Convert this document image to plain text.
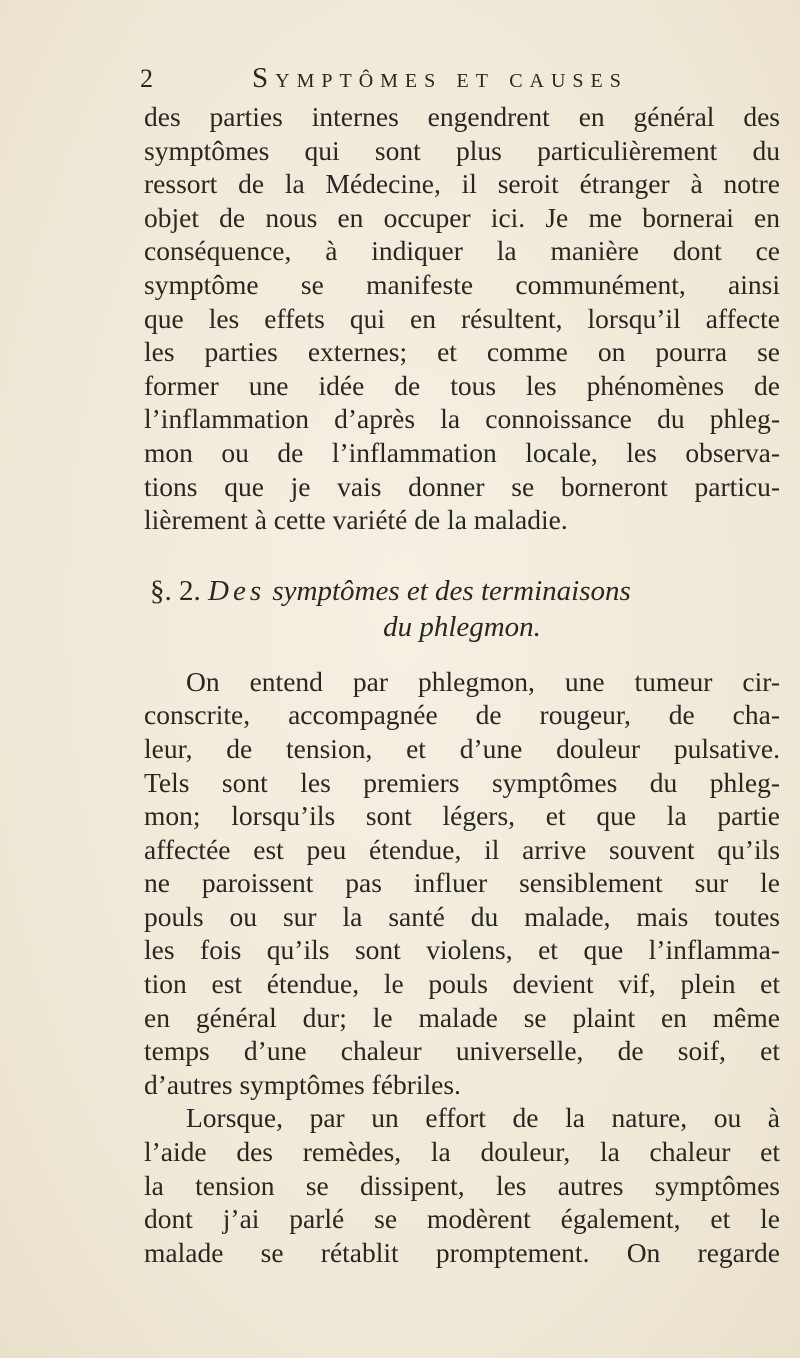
2	Symptômes et causes
des parties internes engendrent en général des
symptômes qui sont plus particulièrement du
ressort de la Médecine, il seroit étranger à notre
objet de nous en occuper ici. Je me bornerai en
conséquence, à indiquer la manière dont ce
symptôme se manifeste communément, ainsi
que les effets qui en résultent, lorsqu’il affecte
les parties externes; et comme on pourra se
former une idée de tous les phénomènes de
l’inflammation d’après la connoissance du phleg-
mon ou de l’inflammation locale, les observa-
tions que je vais donner se borneront particu-
lièrement à cette variété de la maladie.
§. 2. Des symptômes et des terminaisons
du phlegmon.
On entend par phlegmon, une tumeur cir-
conscrite, accompagnée de rougeur, de cha-
leur, de tension, et d’une douleur pulsative.
Tels sont les premiers symptômes du phleg-
mon; lorsqu’ils sont légers, et que la partie
affectée est peu étendue, il arrive souvent qu’ils
ne paroissent pas influer sensiblement sur le
pouls ou sur la santé du malade, mais toutes
les fois qu’ils sont violens, et que l’inflamma-
tion est étendue, le pouls devient vif, plein et
en général dur; le malade se plaint en même
temps d’une chaleur universelle, de soif, et
d’autres symptômes fébriles.
Lorsque, par un effort de la nature, ou à
l’aide des remèdes, la douleur, la chaleur et
la tension se dissipent, les autres symptômes
dont j’ai parlé se modèrent également, et le
malade se rétablit promptement. On regarde
